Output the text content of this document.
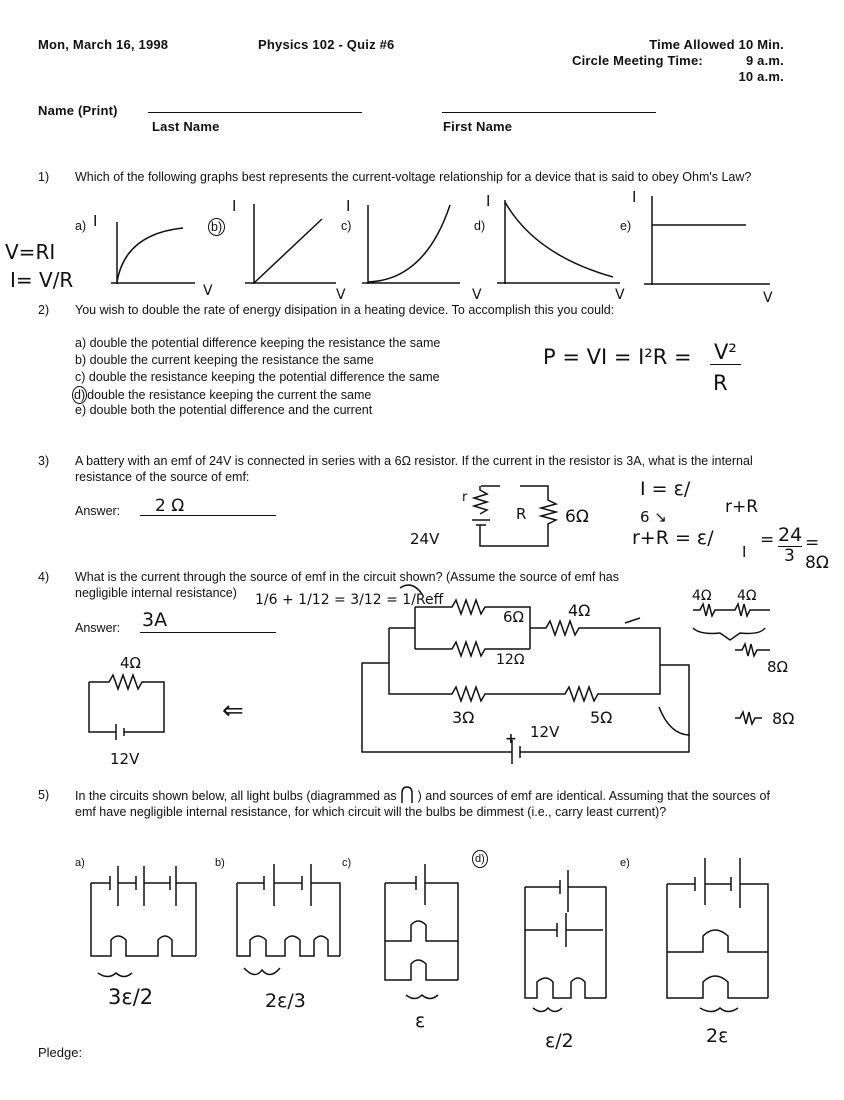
Mon, March 16, 1998	Physics 102 - Quiz #6	Time Allowed 10 Min.
Circle Meeting Time:	9 a.m.
10 a.m.
Name (Print)
Last Name	First Name
1) Which of the following graphs best represents the current-voltage relationship for a device that is said to obey Ohm's Law?
a)	b)	c)	d)	e)
I
I	I	I	I
V	V	V	V	V
V=RI
I= V/R
2) You wish to double the rate of energy disipation in a heating device. To accomplish this you could:
a) double the potential difference keeping the resistance the same
b) double the current keeping the resistance the same
c) double the resistance keeping the potential difference the same
d) double the resistance keeping the current the same
e) double both the potential difference and the current
P = VI = I²R = V²
R
3) A battery with an emf of 24V is connected in series with a 6Ω resistor. If the current in the resistor is 3A, what is the internal resistance of the source of emf:
Answer: 2 Ω	r
R 6Ω
24V
I = ε/
r+R
6 ↘
r+R = ε/
I
= 24
3
= 8Ω
4) What is the current through the source of emf in the circuit shown? (Assume the source of emf has negligible internal resistance)
Answer: 3A
1/6 + 1/12 = 3/12 = 1/Reff
6Ω
12Ω
4Ω
3Ω	5Ω
12V
+
4Ω
12V
⇐
4Ω 4Ω
8Ω
8Ω
5) In the circuits shown below, all light bulbs (diagrammed as ) and sources of emf are identical. Assuming that the sources of emf have negligible internal resistance, for which circuit will the bulbs be dimmest (i.e., carry least current)?
a)	b)	c)	d)	e)
3ε/2	2ε/3
ε
ε/2	2ε
Pledge:
